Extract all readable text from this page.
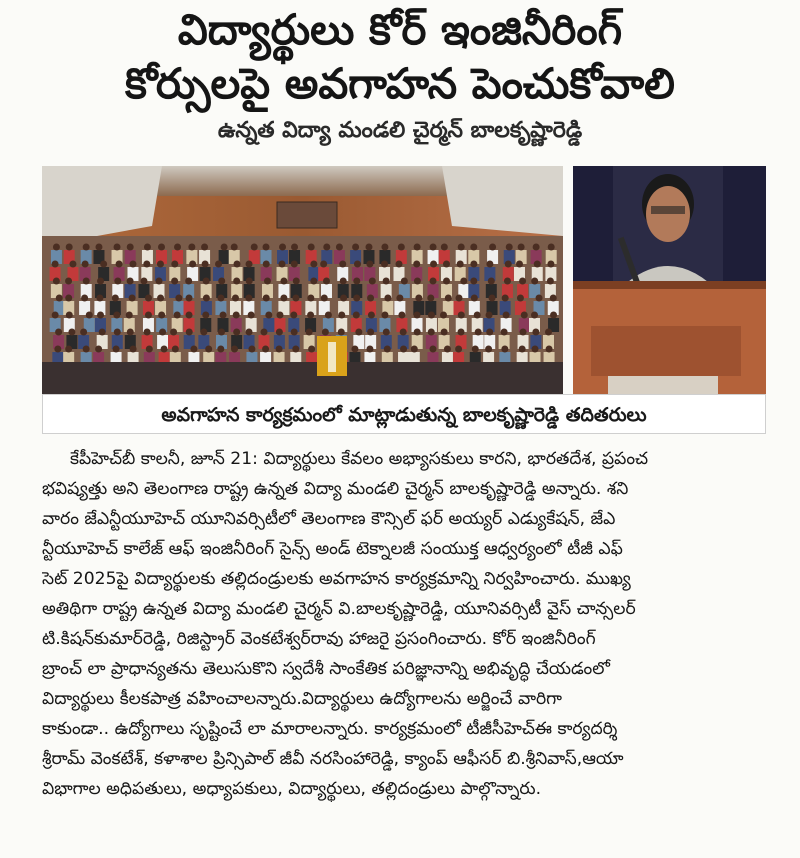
విద్యార్థులు కోర్ ఇంజినీరింగ్
కోర్సులపై అవగాహన పెంచుకోవాలి
ఉన్నత విద్యా మండలి చైర్మన్ బాలకృష్ణారెడ్డి
అవగాహన కార్యక్రమంలో మాట్లాడుతున్న బాలకృష్ణారెడ్డి తదితరులు
కేపీహెచ్‌బీ కాలనీ, జూన్ 21: విద్యార్థులు కేవలం అభ్యాసకులు కారని, భారతదేశ, ప్రపంచ
భవిష్యత్తు అని తెలంగాణ రాష్ట్ర ఉన్నత విద్యా మండలి చైర్మన్ బాలకృష్ణారెడ్డి అన్నారు. శని
వారం జేఎన్టీయూహెచ్ యూనివర్సిటీలో తెలంగాణ కౌన్సిల్ ఫర్ అయ్యర్ ఎడ్యుకేషన్, జేఎ
న్టీయూహెచ్ కాలేజ్ ఆఫ్ ఇంజినీరింగ్ సైన్స్ అండ్ టెక్నాలజీ సంయుక్త ఆధ్వర్యంలో టీజీ ఎఫ్
సెట్ 2025పై విద్యార్థులకు తల్లిదండ్రులకు అవగాహన కార్యక్రమాన్ని నిర్వహించారు. ముఖ్య
అతిథిగా రాష్ట్ర ఉన్నత విద్యా మండలి చైర్మన్ వి.బాలకృష్ణారెడ్డి, యూనివర్సిటీ వైస్ చాన్సలర్
టి.కిషన్‌కుమార్‌రెడ్డి, రిజిస్ట్రార్ వెంకటేశ్వర్‌రావు హాజరై ప్రసంగించారు. కోర్ ఇంజినీరింగ్
బ్రాంచ్ లా ప్రాధాన్యతను తెలుసుకొని స్వదేశీ సాంకేతిక పరిజ్ఞానాన్ని అభివృద్ధి చేయడంలో
విద్యార్థులు కీలకపాత్ర వహించాలన్నారు.విద్యార్థులు ఉద్యోగాలను అర్జించే వారిగా
కాకుండా.. ఉద్యోగాలు సృష్టించే లా మారాలన్నారు. కార్యక్రమంలో టీజీసీహెచ్‌ఈ కార్యదర్శి
శ్రీరామ్ వెంకటేశ్, కళాశాల ప్రిన్సిపాల్ జీవీ నరసింహారెడ్డి, క్యాంప్ ఆఫీసర్ బి.శ్రీనివాస్,ఆయా
విభాగాల అధిపతులు, అధ్యాపకులు, విద్యార్థులు, తల్లిదండ్రులు పాల్గొన్నారు.
